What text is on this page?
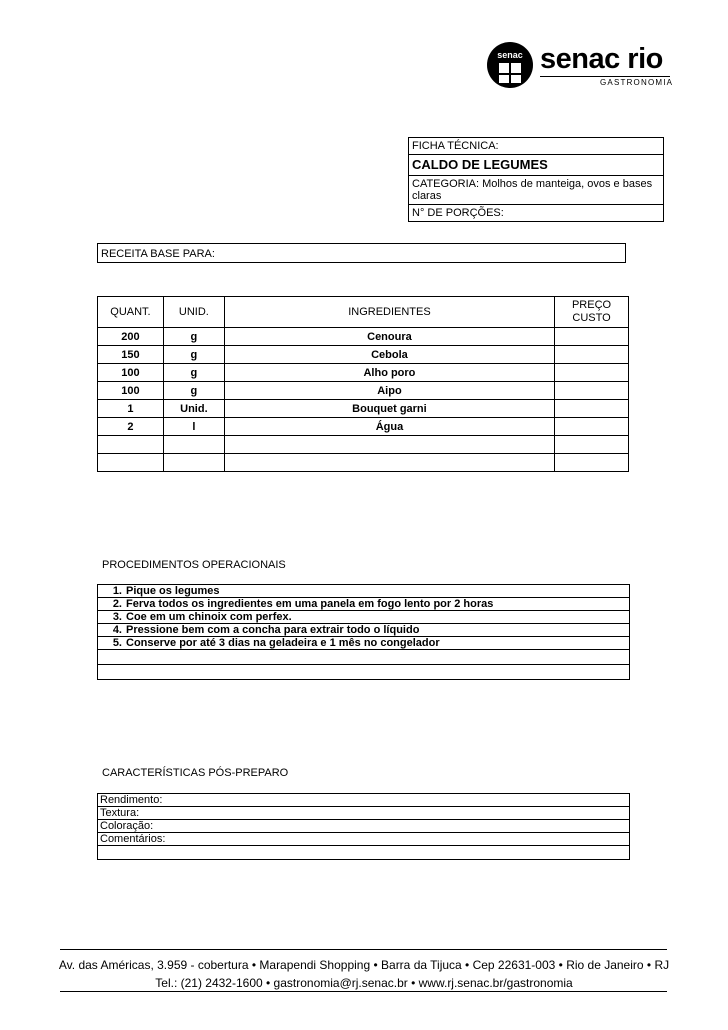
senac senac rio
GASTRONOMIA
FICHA TÉCNICA:
CALDO DE LEGUMES
CATEGORIA: Molhos de manteiga, ovos e bases claras
N° DE PORÇÕES:
RECEITA BASE PARA:
QUANT.	UNID.	INGREDIENTES	PREÇO CUSTO
200	g	Cenoura	
150	g	Cebola	
100	g	Alho poro	
100	g	Aipo	
1	Unid.	Bouquet garni	
2	l	Água	

PROCEDIMENTOS OPERACIONAIS
1. Pique os legumes
2. Ferva todos os ingredientes em uma panela em fogo lento por 2 horas
3. Coe em um chinoix com perfex.
4. Pressione bem com a concha para extrair todo o líquido
5. Conserve por até 3 dias na geladeira e 1 mês no congelador

CARACTERÍSTICAS PÓS-PREPARO
Rendimento:
Textura:
Coloração:
Comentários:

Av. das Américas, 3.959 - cobertura • Marapendi Shopping • Barra da Tijuca • Cep 22631-003 • Rio de Janeiro • RJ
Tel.: (21) 2432-1600 • gastronomia@rj.senac.br • www.rj.senac.br/gastronomia
